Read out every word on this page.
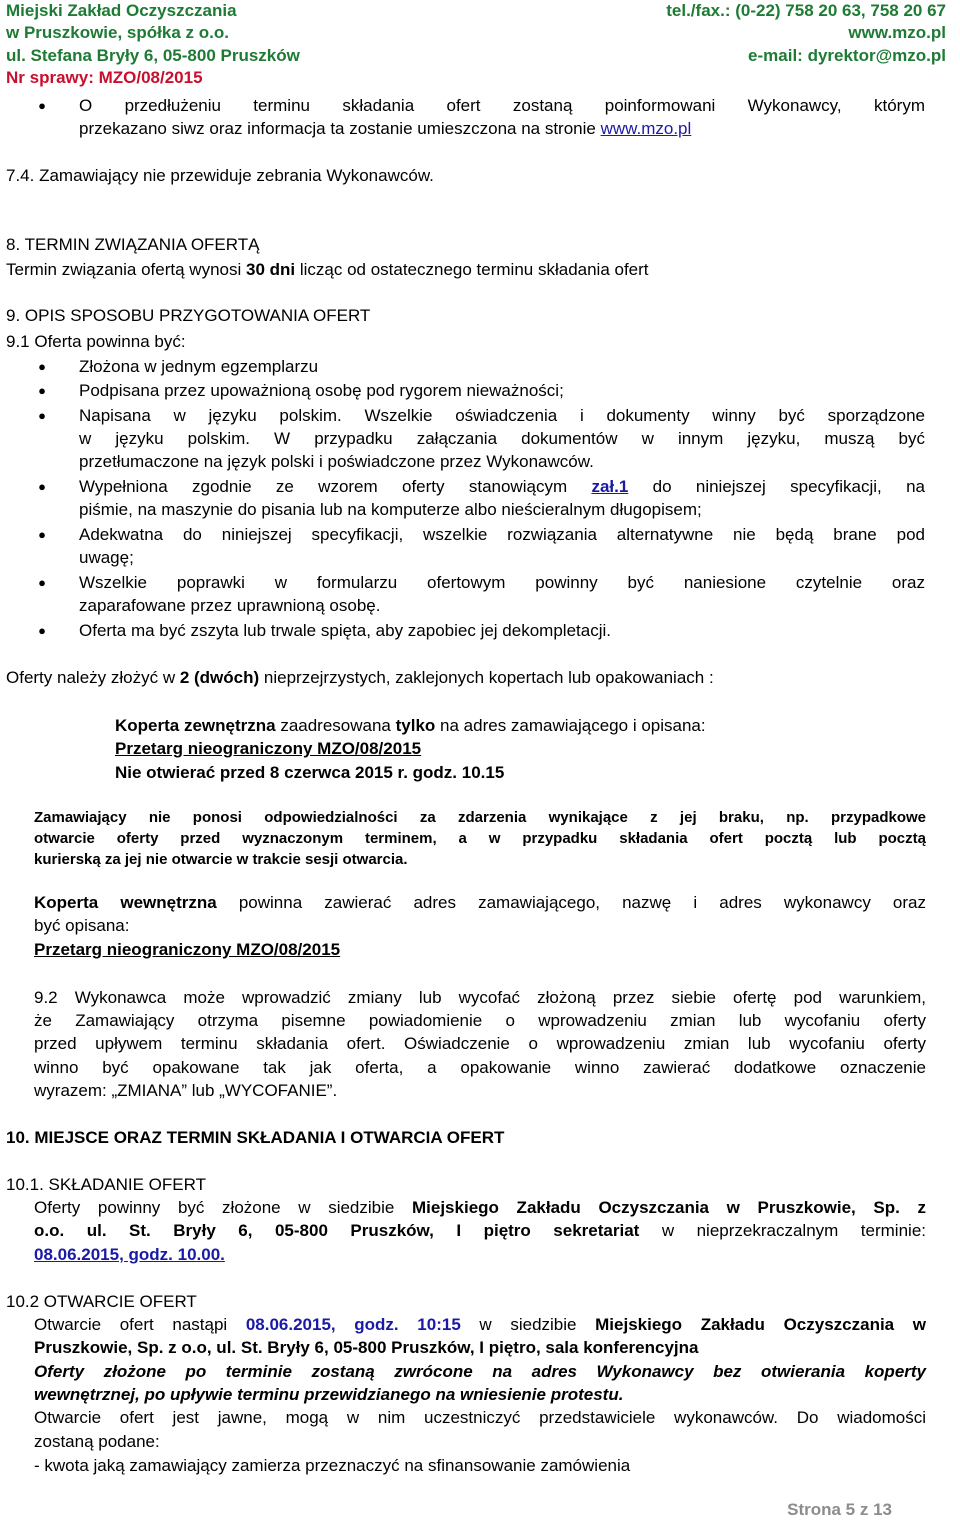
Miejski Zakład Oczyszczania	tel./fax.: (0-22) 758 20 63, 758 20 67
w Pruszkowie, spółka z o.o.	www.mzo.pl
ul. Stefana Bryły 6, 05-800 Pruszków	e-mail: dyrektor@mzo.pl
Nr sprawy: MZO/08/2015
● O przedłużeniu terminu składania ofert zostaną poinformowani Wykonawcy, którym
przekazano siwz oraz informacja ta zostanie umieszczona na stronie www.mzo.pl
7.4. Zamawiający nie przewiduje zebrania Wykonawców.
8. TERMIN ZWIĄZANIA OFERTĄ
Termin związania ofertą wynosi 30 dni licząc od ostatecznego terminu składania ofert
9. OPIS SPOSOBU PRZYGOTOWANIA OFERT
9.1 Oferta powinna być:
● Złożona w jednym egzemplarzu
● Podpisana przez upoważnioną osobę pod rygorem nieważności;
● Napisana w języku polskim. Wszelkie oświadczenia i dokumenty winny być sporządzone
w języku polskim. W przypadku załączania dokumentów w innym języku, muszą być
przetłumaczone na język polski i poświadczone przez Wykonawców.
● Wypełniona zgodnie ze wzorem oferty stanowiącym zał.1 do niniejszej specyfikacji, na
piśmie, na maszynie do pisania lub na komputerze albo nieścieralnym długopisem;
● Adekwatna do niniejszej specyfikacji, wszelkie rozwiązania alternatywne nie będą brane pod
uwagę;
● Wszelkie poprawki w formularzu ofertowym powinny być naniesione czytelnie oraz
zaparafowane przez uprawnioną osobę.
● Oferta ma być zszyta lub trwale spięta, aby zapobiec jej dekompletacji.
Oferty należy złożyć w 2 (dwóch) nieprzejrzystych, zaklejonych kopertach lub opakowaniach :
Koperta zewnętrzna zaadresowana tylko na adres zamawiającego i opisana:
Przetarg nieograniczony MZO/08/2015
Nie otwierać przed 8 czerwca 2015 r. godz. 10.15
Zamawiający nie ponosi odpowiedzialności za zdarzenia wynikające z jej braku, np. przypadkowe
otwarcie oferty przed wyznaczonym terminem, a w przypadku składania ofert pocztą lub pocztą
kurierską za jej nie otwarcie w trakcie sesji otwarcia.
Koperta wewnętrzna powinna zawierać adres zamawiającego, nazwę i adres wykonawcy oraz
być opisana:
Przetarg nieograniczony MZO/08/2015
9.2 Wykonawca może wprowadzić zmiany lub wycofać złożoną przez siebie ofertę pod warunkiem,
że Zamawiający otrzyma pisemne powiadomienie o wprowadzeniu zmian lub wycofaniu oferty
przed upływem terminu składania ofert. Oświadczenie o wprowadzeniu zmian lub wycofaniu oferty
winno być opakowane tak jak oferta, a opakowanie winno zawierać dodatkowe oznaczenie
wyrazem: „ZMIANA” lub „WYCOFANIE”.
10. MIEJSCE ORAZ TERMIN SKŁADANIA I OTWARCIA OFERT
10.1. SKŁADANIE OFERT
Oferty powinny być złożone w siedzibie Miejskiego Zakładu Oczyszczania w Pruszkowie, Sp. z
o.o. ul. St. Bryły 6, 05-800 Pruszków, I piętro sekretariat w nieprzekraczalnym terminie:
08.06.2015, godz. 10.00.
10.2 OTWARCIE OFERT
Otwarcie ofert nastąpi 08.06.2015, godz. 10:15 w siedzibie Miejskiego Zakładu Oczyszczania w
Pruszkowie, Sp. z o.o, ul. St. Bryły 6, 05-800 Pruszków, I piętro, sala konferencyjna
Oferty złożone po terminie zostaną zwrócone na adres Wykonawcy bez otwierania koperty
wewnętrznej, po upływie terminu przewidzianego na wniesienie protestu.
Otwarcie ofert jest jawne, mogą w nim uczestniczyć przedstawiciele wykonawców. Do wiadomości
zostaną podane:
- kwota jaką zamawiający zamierza przeznaczyć na sfinansowanie zamówienia
Strona 5 z 13
